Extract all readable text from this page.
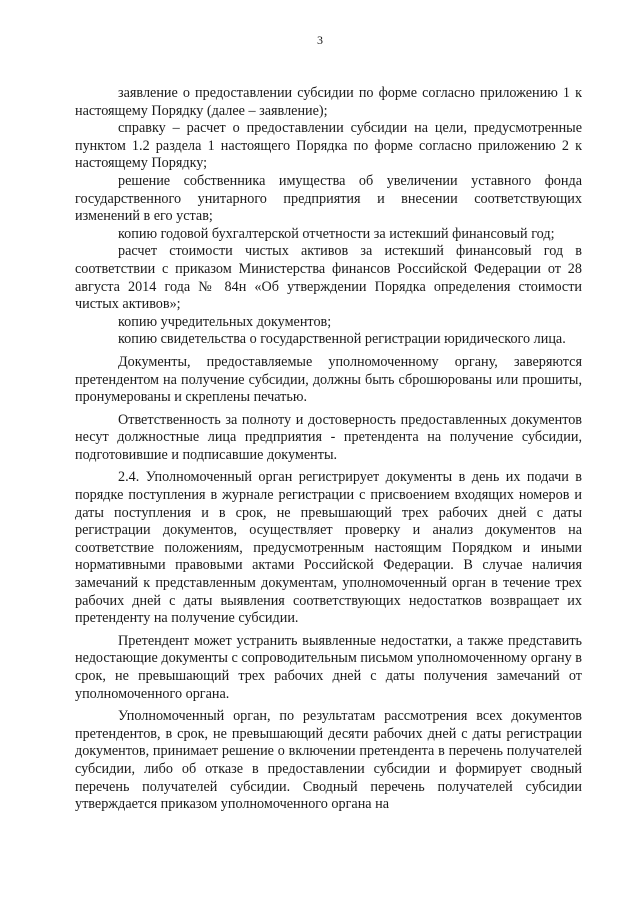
3

заявление о предоставлении субсидии по форме согласно приложению 1 к настоящему Порядку (далее – заявление);

справку – расчет о предоставлении субсидии на цели, предусмотренные пунктом 1.2 раздела 1 настоящего Порядка по форме согласно приложению 2 к настоящему Порядку;

решение собственника имущества об увеличении уставного фонда государственного унитарного предприятия и внесении соответствующих изменений в его устав;

копию годовой бухгалтерской отчетности за истекший финансовый год;

расчет стоимости чистых активов за истекший финансовый год в соответствии с приказом Министерства финансов Российской Федерации от 28 августа 2014 года № 84н «Об утверждении Порядка определения стоимости чистых активов»;

копию учредительных документов;

копию свидетельства о государственной регистрации юридического лица.

Документы, предоставляемые уполномоченному органу, заверяются претендентом на получение субсидии, должны быть сброшюрованы или прошиты, пронумерованы и скреплены печатью.

Ответственность за полноту и достоверность предоставленных документов несут должностные лица предприятия - претендента на получение субсидии, подготовившие и подписавшие документы.

2.4. Уполномоченный орган регистрирует документы в день их подачи в порядке поступления в журнале регистрации с присвоением входящих номеров и даты поступления и в срок, не превышающий трех рабочих дней с даты регистрации документов, осуществляет проверку и анализ документов на соответствие положениям, предусмотренным настоящим Порядком и иными нормативными правовыми актами Российской Федерации. В случае наличия замечаний к представленным документам, уполномоченный орган в течение трех рабочих дней с даты выявления соответствующих недостатков возвращает их претенденту на получение субсидии.

Претендент может устранить выявленные недостатки, а также представить недостающие документы с сопроводительным письмом уполномоченному органу в срок, не превышающий трех рабочих дней с даты получения замечаний от уполномоченного органа.

Уполномоченный орган, по результатам рассмотрения всех документов претендентов, в срок, не превышающий десяти рабочих дней с даты регистрации документов, принимает решение о включении претендента в перечень получателей субсидии, либо об отказе в предоставлении субсидии и формирует сводный перечень получателей субсидии. Сводный перечень получателей субсидии утверждается приказом уполномоченного органа на
